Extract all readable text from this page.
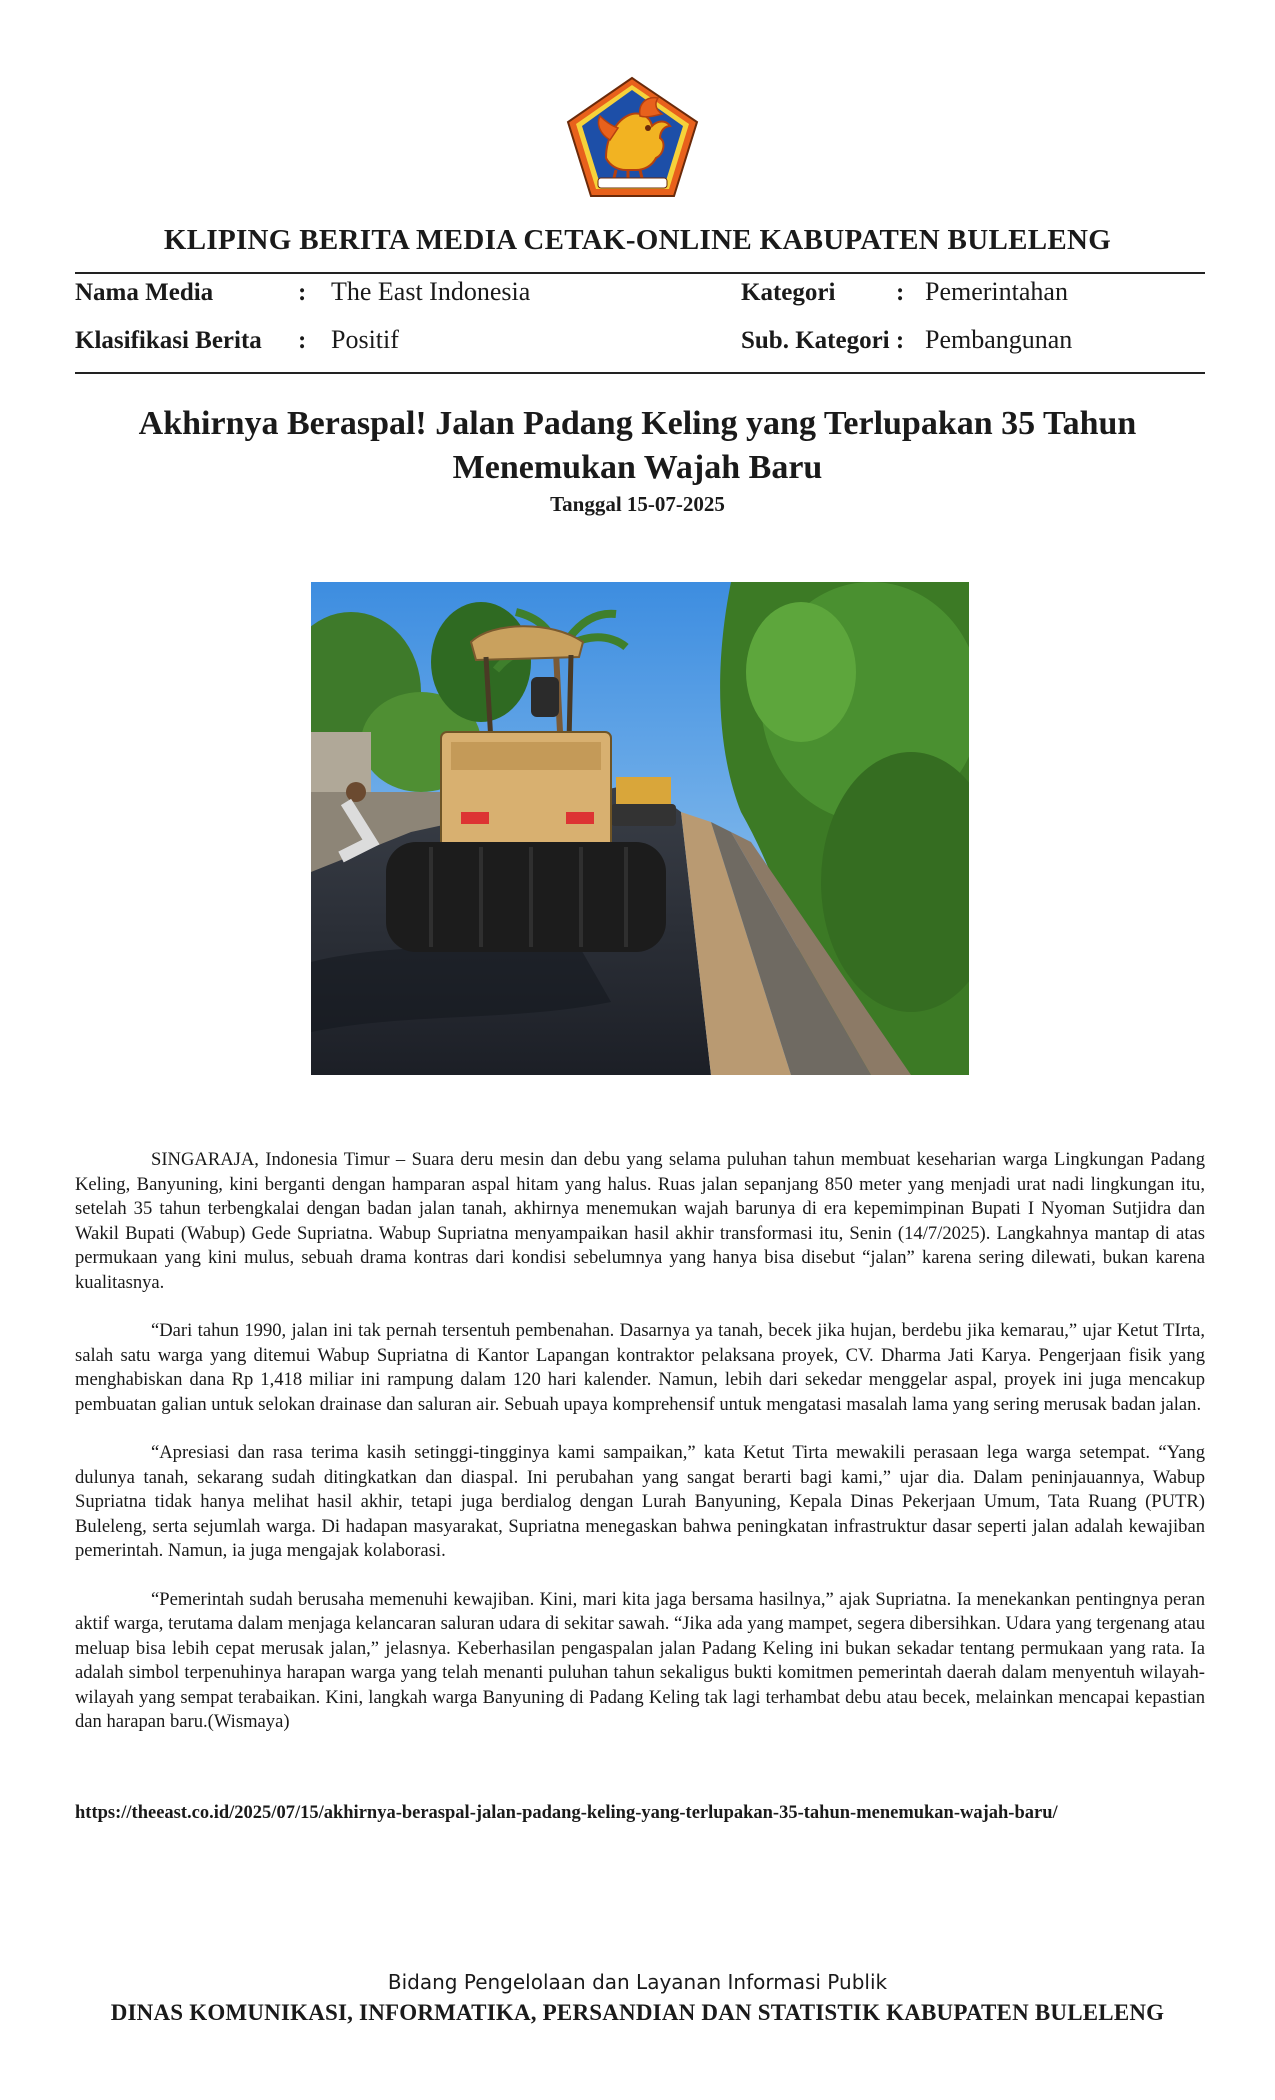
KLIPING BERITA MEDIA CETAK-ONLINE KABUPATEN BULELENG
Nama Media	: The East Indonesia
Klasifikasi Berita : Positif
Kategori : Pemerintahan
Sub. Kategori : Pembangunan
Akhirnya Beraspal! Jalan Padang Keling yang Terlupakan 35 Tahun Menemukan Wajah Baru
Tanggal 15-07-2025

SINGARAJA, Indonesia Timur – Suara deru mesin dan debu yang selama puluhan tahun membuat keseharian warga Lingkungan Padang Keling, Banyuning, kini berganti dengan hamparan aspal hitam yang halus. Ruas jalan sepanjang 850 meter yang menjadi urat nadi lingkungan itu, setelah 35 tahun terbengkalai dengan badan jalan tanah, akhirnya menemukan wajah barunya di era kepemimpinan Bupati I Nyoman Sutjidra dan Wakil Bupati (Wabup) Gede Supriatna. Wabup Supriatna menyampaikan hasil akhir transformasi itu, Senin (14/7/2025). Langkahnya mantap di atas permukaan yang kini mulus, sebuah drama kontras dari kondisi sebelumnya yang hanya bisa disebut “jalan” karena sering dilewati, bukan karena kualitasnya.

“Dari tahun 1990, jalan ini tak pernah tersentuh pembenahan. Dasarnya ya tanah, becek jika hujan, berdebu jika kemarau,” ujar Ketut TIrta, salah satu warga yang ditemui Wabup Supriatna di Kantor Lapangan kontraktor pelaksana proyek, CV. Dharma Jati Karya. Pengerjaan fisik yang menghabiskan dana Rp 1,418 miliar ini rampung dalam 120 hari kalender. Namun, lebih dari sekedar menggelar aspal, proyek ini juga mencakup pembuatan galian untuk selokan drainase dan saluran air. Sebuah upaya komprehensif untuk mengatasi masalah lama yang sering merusak badan jalan.

“Apresiasi dan rasa terima kasih setinggi-tingginya kami sampaikan,” kata Ketut Tirta mewakili perasaan lega warga setempat. “Yang dulunya tanah, sekarang sudah ditingkatkan dan diaspal. Ini perubahan yang sangat berarti bagi kami,” ujar dia. Dalam peninjauannya, Wabup Supriatna tidak hanya melihat hasil akhir, tetapi juga berdialog dengan Lurah Banyuning, Kepala Dinas Pekerjaan Umum, Tata Ruang (PUTR) Buleleng, serta sejumlah warga. Di hadapan masyarakat, Supriatna menegaskan bahwa peningkatan infrastruktur dasar seperti jalan adalah kewajiban pemerintah. Namun, ia juga mengajak kolaborasi.

“Pemerintah sudah berusaha memenuhi kewajiban. Kini, mari kita jaga bersama hasilnya,” ajak Supriatna. Ia menekankan pentingnya peran aktif warga, terutama dalam menjaga kelancaran saluran udara di sekitar sawah. “Jika ada yang mampet, segera dibersihkan. Udara yang tergenang atau meluap bisa lebih cepat merusak jalan,” jelasnya. Keberhasilan pengaspalan jalan Padang Keling ini bukan sekadar tentang permukaan yang rata. Ia adalah simbol terpenuhinya harapan warga yang telah menanti puluhan tahun sekaligus bukti komitmen pemerintah daerah dalam menyentuh wilayah-wilayah yang sempat terabaikan. Kini, langkah warga Banyuning di Padang Keling tak lagi terhambat debu atau becek, melainkan mencapai kepastian dan harapan baru.(Wismaya)

https://theeast.co.id/2025/07/15/akhirnya-beraspal-jalan-padang-keling-yang-terlupakan-35-tahun-menemukan-wajah-baru/
Bidang Pengelolaan dan Layanan Informasi Publik
DINAS KOMUNIKASI, INFORMATIKA, PERSANDIAN DAN STATISTIK KABUPATEN BULELENG
